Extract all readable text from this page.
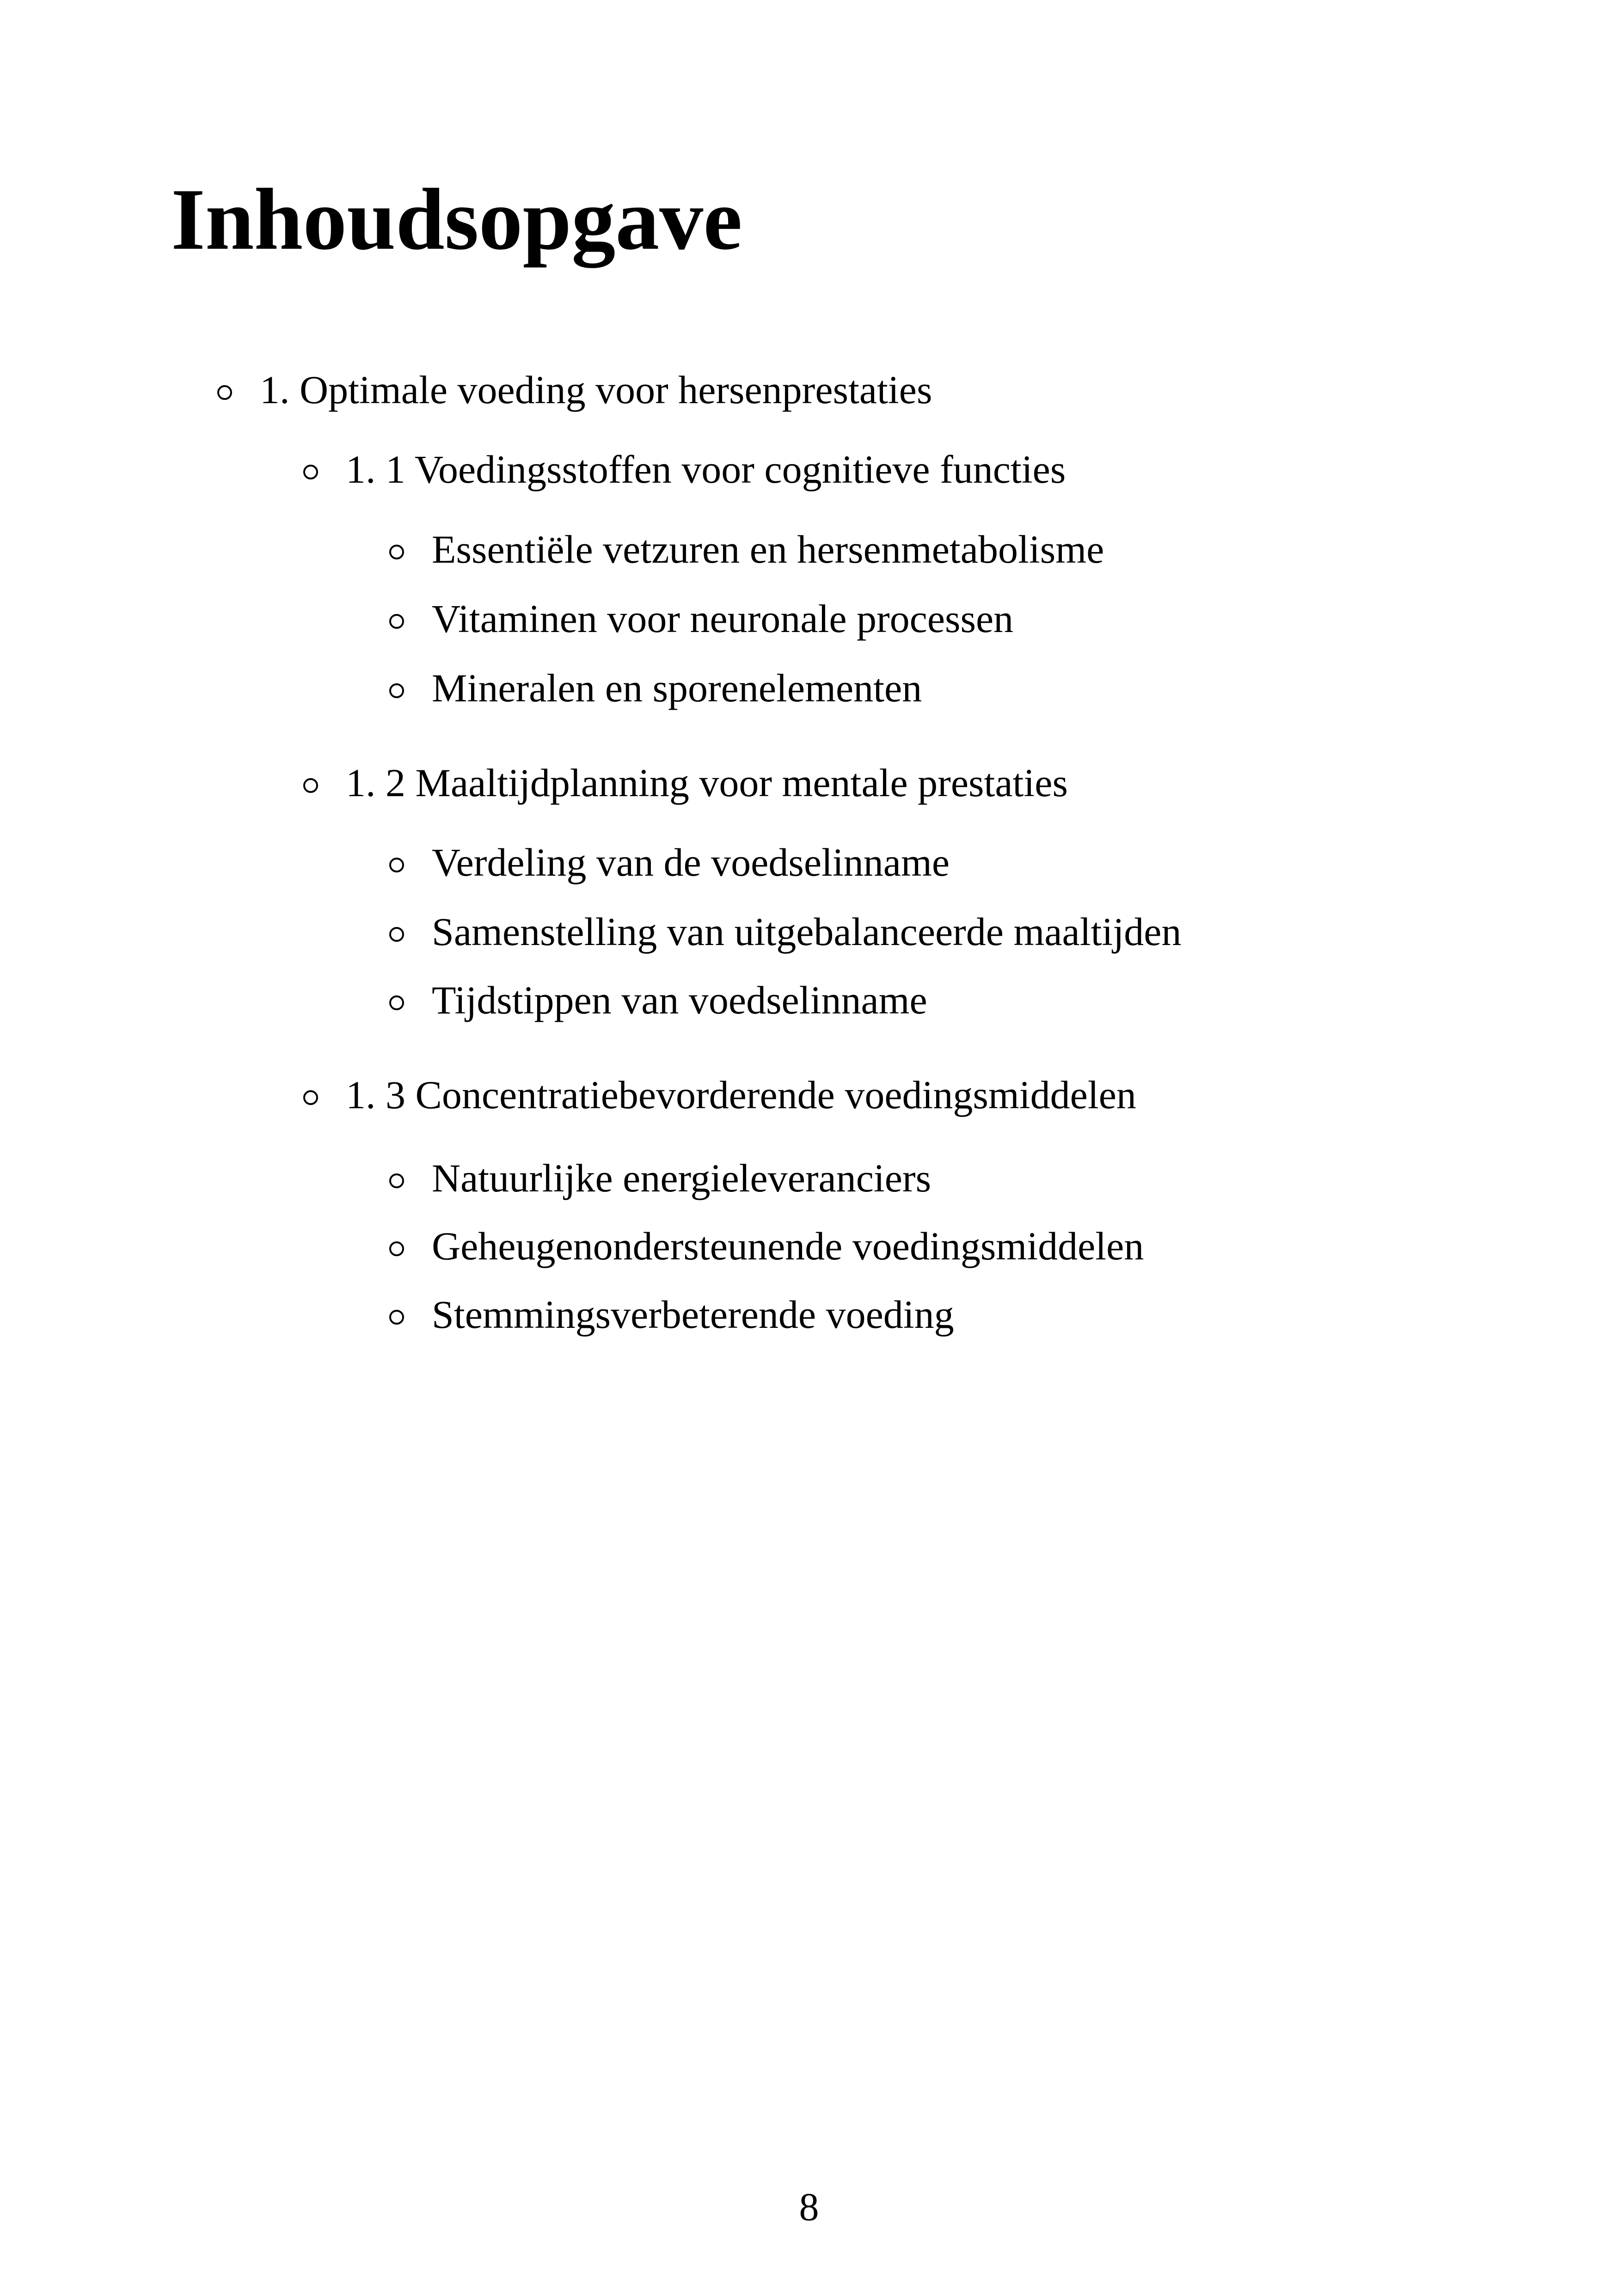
Inhoudsopgave
1. Optimale voeding voor hersenprestaties
1. 1 Voedingsstoffen voor cognitieve functies
Essentiële vetzuren en hersenmetabolisme
Vitaminen voor neuronale processen
Mineralen en sporenelementen
1. 2 Maaltijdplanning voor mentale prestaties
Verdeling van de voedselinname
Samenstelling van uitgebalanceerde maaltijden
Tijdstippen van voedselinname
1. 3 Concentratiebevorderende voedingsmiddelen
Natuurlijke energieleveranciers
Geheugenondersteunende voedingsmiddelen
Stemmingsverbeterende voeding
8
